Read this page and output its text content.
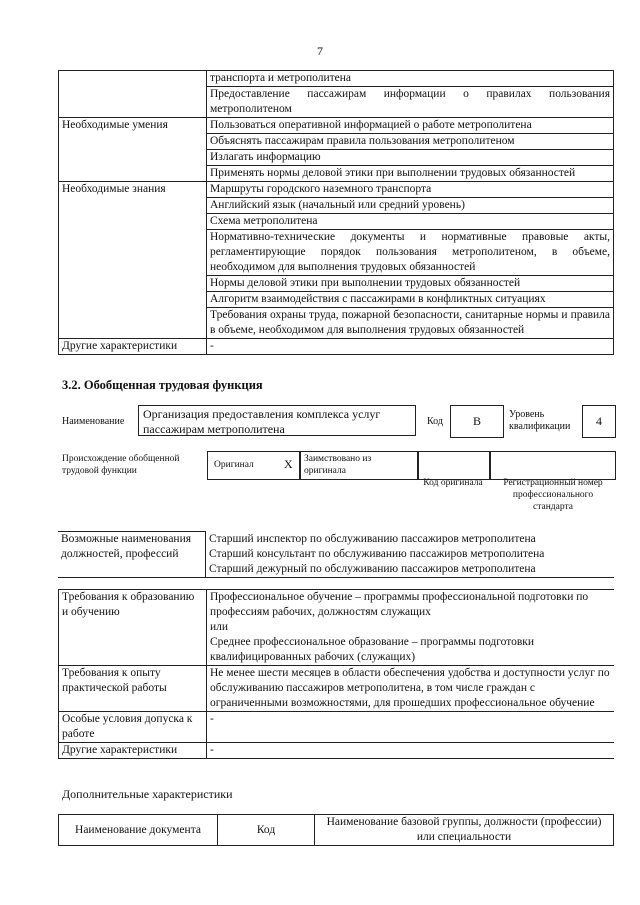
7
	транспорта и метрополитена
	Предоставление пассажирам информации о правилах пользования метрополитеном
Необходимые умения	Пользоваться оперативной информацией о работе метрополитена
	Объяснять пассажирам правила пользования метрополитеном
	Излагать информацию
	Применять нормы деловой этики при выполнении трудовых обязанностей
Необходимые знания	Маршруты городского наземного транспорта
	Английский язык (начальный или средний уровень)
	Схема метрополитена
	Нормативно-технические документы и нормативные правовые акты, регламентирующие порядок пользования метрополитеном, в объеме, необходимом для выполнения трудовых обязанностей
	Нормы деловой этики при выполнении трудовых обязанностей
	Алгоритм взаимодействия с пассажирами в конфликтных ситуациях
	Требования охраны труда, пожарной безопасности, санитарные нормы и правила в объеме, необходимом для выполнения трудовых обязанностей
Другие характеристики	-
3.2. Обобщенная трудовая функция
Наименование
Организация предоставления комплекса услуг пассажирам метрополитена
Код	B	Уровень квалификации	4
Происхождение обобщенной трудовой функции
Оригинал	X Заимствовано из оригинала
Код оригинала	Регистрационный номер профессионального стандарта
Возможные наименования должностей, профессий	Старший инспектор по обслуживанию пассажиров метрополитена
Старший консультант по обслуживанию пассажиров метрополитена
Старший дежурный по обслуживанию пассажиров метрополитена
Требования к образованию и обучению	Профессиональное обучение – программы профессиональной подготовки по профессиям рабочих, должностям служащих
или
Среднее профессиональное образование – программы подготовки квалифицированных рабочих (служащих)
Требования к опыту практической работы	Не менее шести месяцев в области обеспечения удобства и доступности услуг по обслуживанию пассажиров метрополитена, в том числе граждан с ограниченными возможностями, для прошедших профессиональное обучение
Особые условия допуска к работе	-
Другие характеристики	-
Дополнительные характеристики
Наименование документа	Код	Наименование базовой группы, должности (профессии) или специальности
